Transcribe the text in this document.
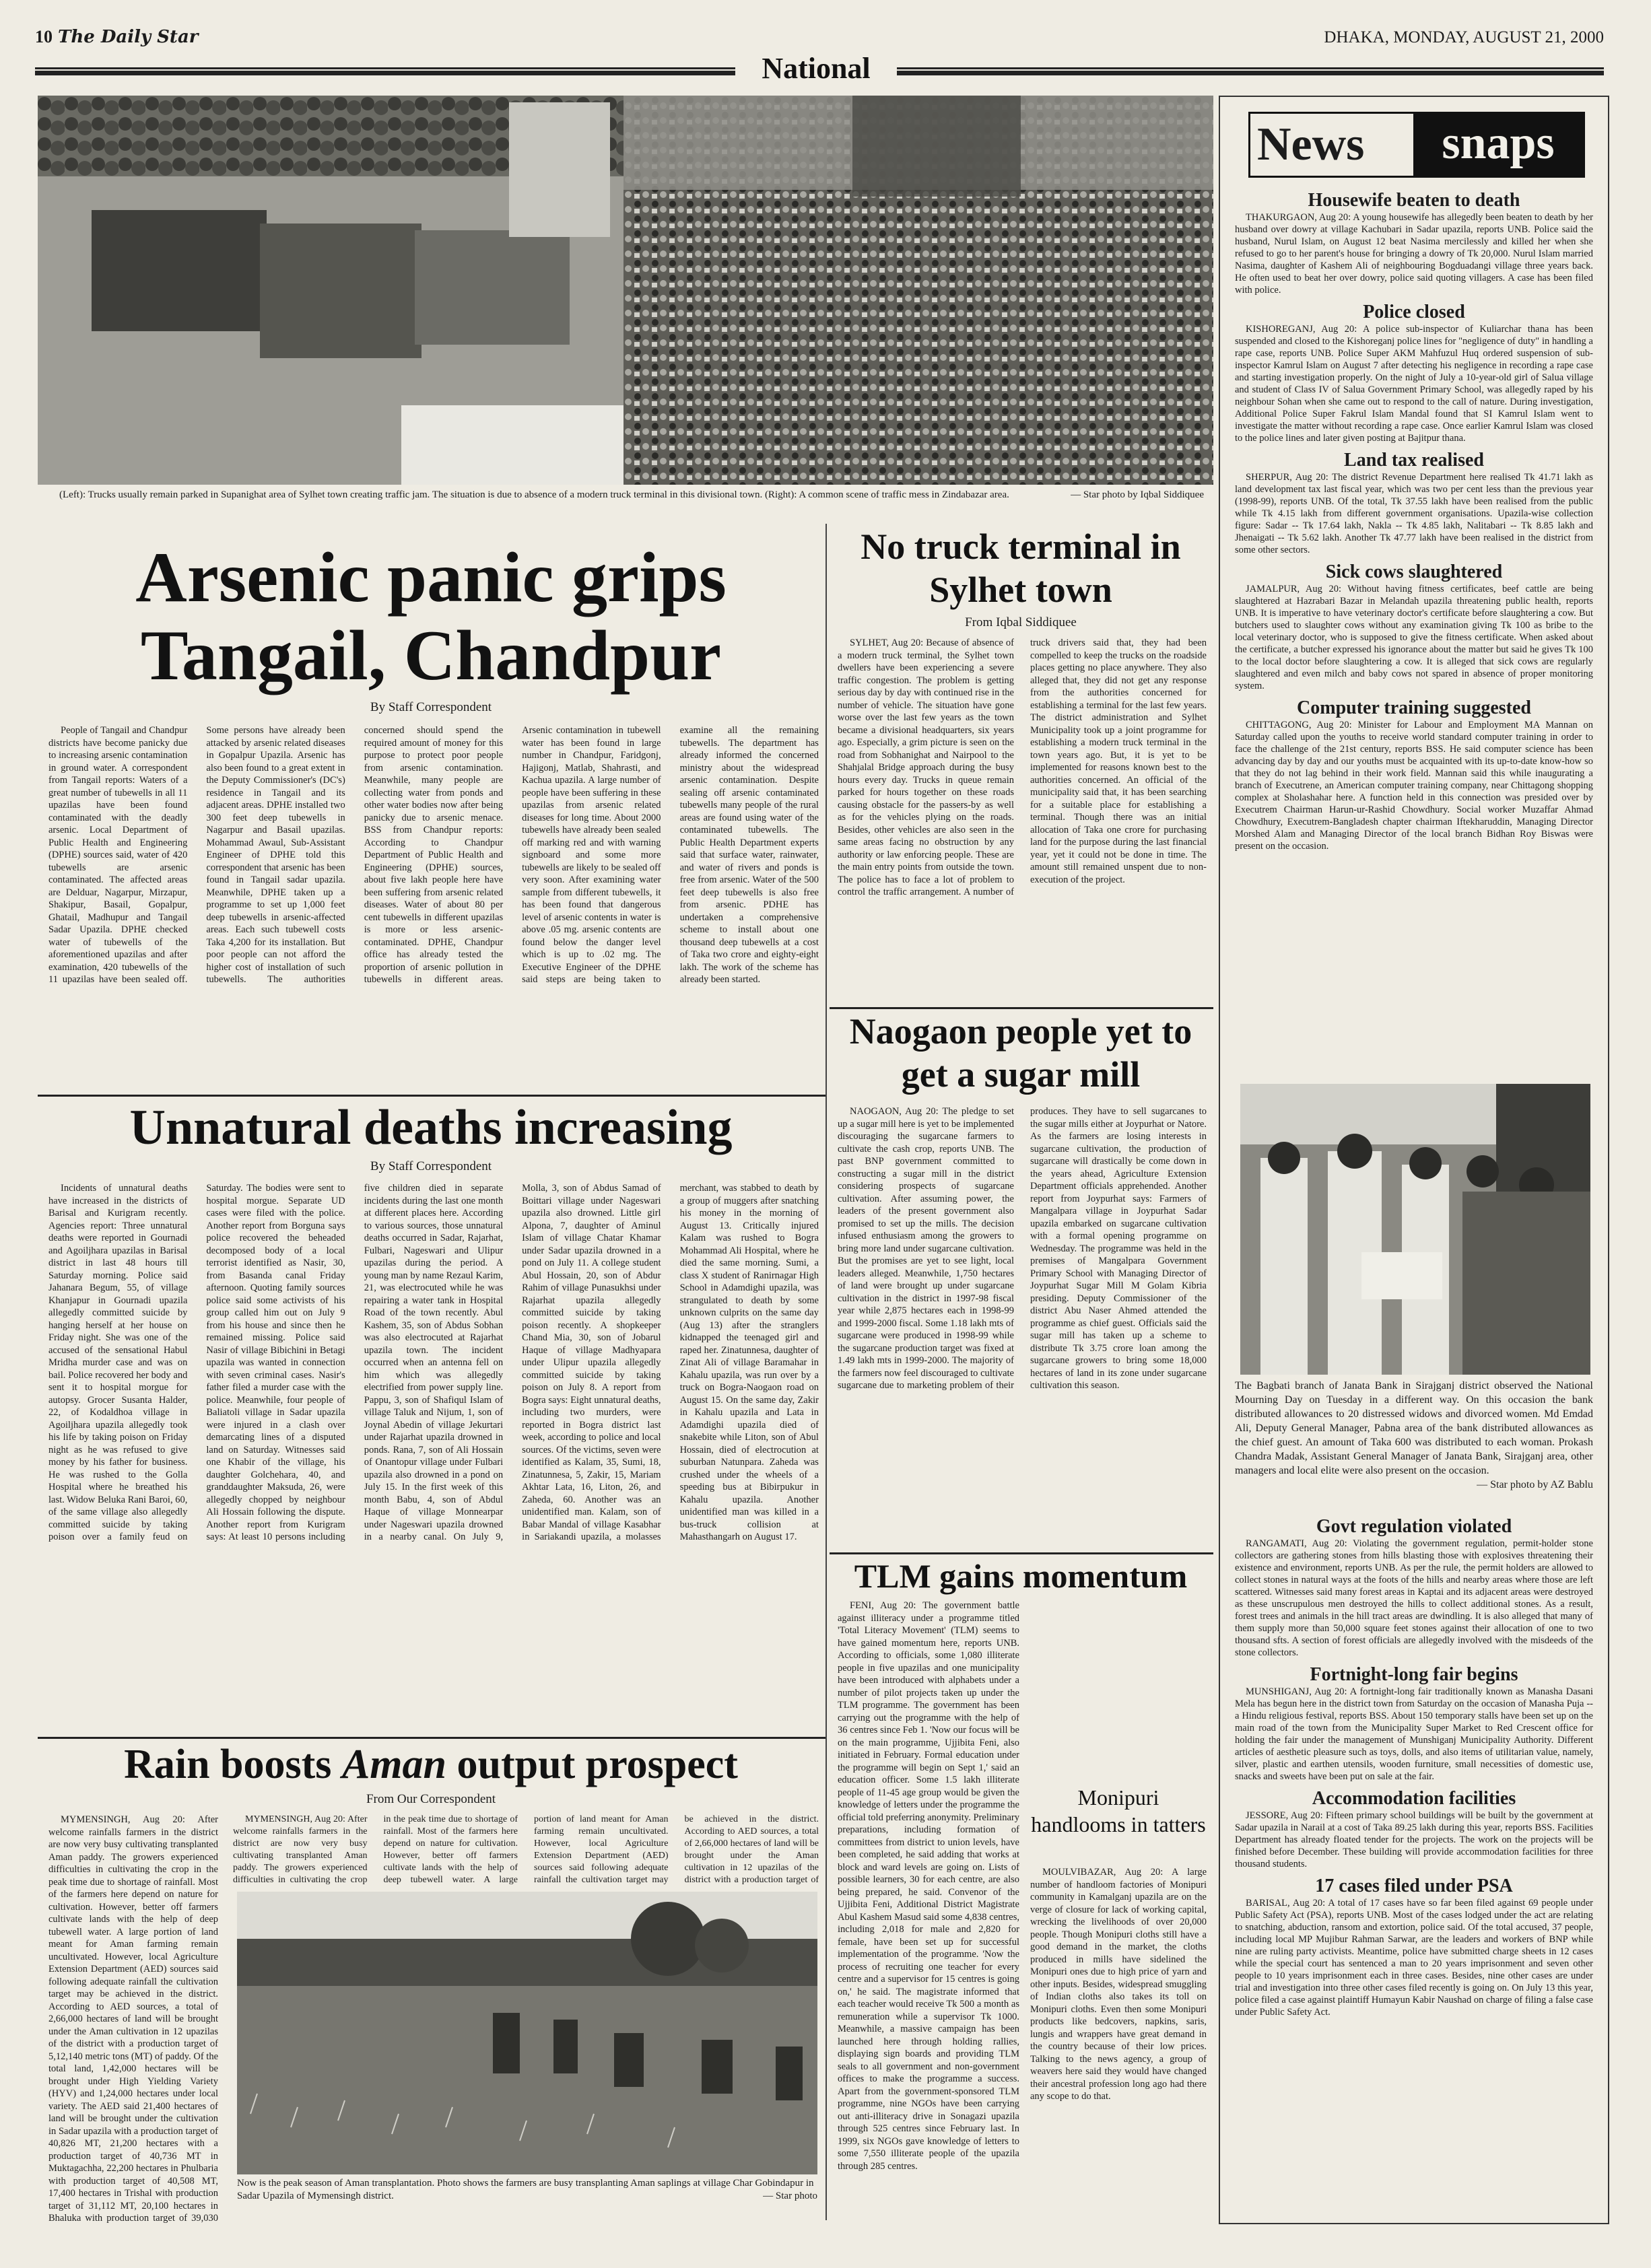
10 The Daily Star	DHAKA, MONDAY, AUGUST 21, 2000
National
(Left): Trucks usually remain parked in Supanighat area of Sylhet town creating traffic jam. The situation is due to absence of a modern truck terminal in this divisional town. (Right): A common scene of traffic mess in Zindabazar area.	— Star photo by Iqbal Siddiquee
Arsenic panic grips Tangail, Chandpur
By Staff Correspondent

People of Tangail and Chandpur districts have become panicky due to increasing arsenic contamination in ground water. A correspondent from Tangail reports: Waters of a great number of tubewells in all 11 upazilas have been found contaminated with the deadly arsenic. Local Department of Public Health and Engineering (DPHE) sources said, water of 420 tubewells are arsenic contaminated. The affected areas are Delduar, Nagarpur, Mirzapur, Shakipur, Basail, Gopalpur, Ghatail, Madhupur and Tangail Sadar Upazila. DPHE checked water of tubewells of the aforementioned upazilas and after examination, 420 tubewells of the 11 upazilas have been sealed off. Some persons have already been attacked by arsenic related diseases in Gopalpur Upazila. Arsenic has also been found to a great extent in the Deputy Commissioner's (DC's) residence in Tangail and its adjacent areas. DPHE installed two 300 feet deep tubewells in Nagarpur and Basail upazilas. Mohammad Awaul, Sub-Assistant Engineer of DPHE told this correspondent that arsenic has been found in Tangail sadar upazila. Meanwhile, DPHE taken up a programme to set up 1,000 feet deep tubewells in arsenic-affected areas. Each such tubewell costs Taka 4,200 for its installation. But poor people can not afford the higher cost of installation of such tubewells. The authorities concerned should spend the required amount of money for this purpose to protect poor people from arsenic contamination. Meanwhile, many people are collecting water from ponds and other water bodies now after being panicky due to arsenic menace. BSS from Chandpur reports: According to Chandpur Department of Public Health and Engineering (DPHE) sources, about five lakh people here have been suffering from arsenic related diseases. Water of about 80 per cent tubewells in different upazilas is more or less arsenic-contaminated. DPHE, Chandpur office has already tested the proportion of arsenic pollution in tubewells in different areas. Arsenic contamination in tubewell water has been found in large number in Chandpur, Faridgonj, Hajigonj, Matlab, Shahrasti, and Kachua upazila. A large number of people have been suffering in these upazilas from arsenic related diseases for long time. About 2000 tubewells have already been sealed off marking red and with warning signboard and some more tubewells are likely to be sealed off very soon. After examining water sample from different tubewells, it has been found that dangerous level of arsenic contents in water is above .05 mg. arsenic contents are found below the danger level which is up to .02 mg. The Executive Engineer of the DPHE said steps are being taken to examine all the remaining tubewells. The department has already informed the concerned ministry about the widespread arsenic contamination. Despite sealing off arsenic contaminated tubewells many people of the rural areas are found using water of the contaminated tubewells. The Public Health Department experts said that surface water, rainwater, and water of rivers and ponds is free from arsenic. Water of the 500 feet deep tubewells is also free from arsenic. PDHE has undertaken a comprehensive scheme to install about one thousand deep tubewells at a cost of Taka two crore and eighty-eight lakh. The work of the scheme has already been started.

No truck terminal in Sylhet town
From Iqbal Siddiquee

SYLHET, Aug 20: Because of absence of a modern truck terminal, the Sylhet town dwellers have been experiencing a severe traffic congestion. The problem is getting serious day by day with continued rise in the number of vehicle. The situation have gone worse over the last few years as the town became a divisional headquarters, six years ago. Especially, a grim picture is seen on the road from Sobhanighat and Nairpool to the Shahjalal Bridge approach during the busy hours every day. Trucks in queue remain parked for hours together on these roads causing obstacle for the passers-by as well as for the vehicles plying on the roads. Besides, other vehicles are also seen in the same areas facing no obstruction by any authority or law enforcing people. These are the main entry points from outside the town. The police has to face a lot of problem to control the traffic arrangement. A number of truck drivers said that, they had been compelled to keep the trucks on the roadside places getting no place anywhere. They also alleged that, they did not get any response from the authorities concerned for establishing a terminal for the last few years. The district administration and Sylhet Municipality took up a joint programme for establishing a modern truck terminal in the town years ago. But, it is yet to be implemented for reasons known best to the authorities concerned. An official of the municipality said that, it has been searching for a suitable place for establishing a terminal. Though there was an initial allocation of Taka one crore for purchasing land for the purpose during the last financial year, yet it could not be done in time. The amount still remained unspent due to non-execution of the project.

Naogaon people yet to get a sugar mill

NAOGAON, Aug 20: The pledge to set up a sugar mill here is yet to be implemented discouraging the sugarcane farmers to cultivate the cash crop, reports UNB. The past BNP government committed to constructing a sugar mill in the district considering prospects of sugarcane cultivation. After assuming power, the leaders of the present government also promised to set up the mills. The decision infused enthusiasm among the growers to bring more land under sugarcane cultivation. But the promises are yet to see light, local leaders alleged. Meanwhile, 1,750 hectares of land were brought up under sugarcane cultivation in the district in 1997-98 fiscal year while 2,875 hectares each in 1998-99 and 1999-2000 fiscal. Some 1.18 lakh mts of sugarcane were produced in 1998-99 while the sugarcane production target was fixed at 1.49 lakh mts in 1999-2000. The majority of the farmers now feel discouraged to cultivate sugarcane due to marketing problem of their produces. They have to sell sugarcanes to the sugar mills either at Joypurhat or Natore. As the farmers are losing interests in sugarcane cultivation, the production of sugarcane will drastically be come down in the years ahead, Agriculture Extension Department officials apprehended. Another report from Joypurhat says: Farmers of Mangalpara village in Joypurhat Sadar upazila embarked on sugarcane cultivation with a formal opening programme on Wednesday. The programme was held in the premises of Mangalpara Government Primary School with Managing Director of Joypurhat Sugar Mill M Golam Kibria presiding. Deputy Commissioner of the district Abu Naser Ahmed attended the programme as chief guest. Officials said the sugar mill has taken up a scheme to distribute Tk 3.75 crore loan among the sugarcane growers to bring some 18,000 hectares of land in its zone under sugarcane cultivation this season.

Unnatural deaths increasing
By Staff Correspondent

Incidents of unnatural deaths have increased in the districts of Barisal and Kurigram recently. Agencies report: Three unnatural deaths were reported in Gournadi and Agoiljhara upazilas in Barisal district in last 48 hours till Saturday morning. Police said Jahanara Begum, 55, of village Khanjapur in Gournadi upazila allegedly committed suicide by hanging herself at her house on Friday night. She was one of the accused of the sensational Habul Mridha murder case and was on bail. Police recovered her body and sent it to hospital morgue for autopsy. Grocer Susanta Halder, 22, of Kodaldhoa village in Agoiljhara upazila allegedly took his life by taking poison on Friday night as he was refused to give money by his father for business. He was rushed to the Golla Hospital where he breathed his last. Widow Beluka Rani Baroi, 60, of the same village also allegedly committed suicide by taking poison over a family feud on Saturday. The bodies were sent to hospital morgue. Separate UD cases were filed with the police. Another report from Borguna says police recovered the beheaded decomposed body of a local terrorist identified as Nasir, 30, from Basanda canal Friday afternoon. Quoting family sources police said some activists of his group called him out on July 9 from his house and since then he remained missing. Police said Nasir of village Bibichini in Betagi upazila was wanted in connection with seven criminal cases. Nasir's father filed a murder case with the police. Meanwhile, four people of Baliatoli village in Sadar upazila were injured in a clash over demarcating lines of a disputed land on Saturday. Witnesses said one Khabir of the village, his daughter Golchehara, 40, and granddaughter Maksuda, 26, were allegedly chopped by neighbour Ali Hossain following the dispute. Another report from Kurigram says: At least 10 persons including five children died in separate incidents during the last one month at different places here. According to various sources, those unnatural deaths occurred in Sadar, Rajarhat, Fulbari, Nageswari and Ulipur upazilas during the period. A young man by name Rezaul Karim, 21, was electrocuted while he was repairing a water tank in Hospital Road of the town recently. Abul Kashem, 35, son of Abdus Sobhan was also electrocuted at Rajarhat upazila town. The incident occurred when an antenna fell on him which was allegedly electrified from power supply line. Pappu, 3, son of Shafiqul Islam of village Taluk and Nijum, 1, son of Joynal Abedin of village Jekurtari under Rajarhat upazila drowned in ponds. Rana, 7, son of Ali Hossain of Onantopur village under Fulbari upazila also drowned in a pond on July 15. In the first week of this month Babu, 4, son of Abdul Haque of village Monnearpar under Nageswari upazila drowned in a nearby canal. On July 9, Molla, 3, son of Abdus Samad of Boittari village under Nageswari upazila also drowned. Little girl Alpona, 7, daughter of Aminul Islam of village Chatar Khamar under Sadar upazila drowned in a pond on July 11. A college student Abul Hossain, 20, son of Abdur Rahim of village Punasukhsi under Rajarhat upazila allegedly committed suicide by taking poison recently. A shopkeeper Chand Mia, 30, son of Jobarul Haque of village Madhyapara under Ulipur upazila allegedly committed suicide by taking poison on July 8. A report from Bogra says: Eight unnatural deaths, including two murders, were reported in Bogra district last week, according to police and local sources. Of the victims, seven were identified as Kalam, 35, Sumi, 18, Zinatunnesa, 5, Zakir, 15, Mariam Akhtar Lata, 16, Liton, 26, and Zaheda, 60. Another was an unidentified man. Kalam, son of Babar Mandal of village Kasabhar in Sariakandi upazila, a molasses merchant, was stabbed to death by a group of muggers after snatching his money in the morning of August 13. Critically injured Kalam was rushed to Bogra Mohammad Ali Hospital, where he died the same morning. Sumi, a class X student of Ranirnagar High School in Adamdighi upazila, was strangulated to death by some unknown culprits on the same day (Aug 13) after the stranglers kidnapped the teenaged girl and raped her. Zinatunnesa, daughter of Zinat Ali of village Baramahar in Kahalu upazila, was run over by a truck on Bogra-Naogaon road on August 15. On the same day, Zakir in Kahalu upazila and Lata in Adamdighi upazila died of snakebite while Liton, son of Abul Hossain, died of electrocution at suburban Natunpara. Zaheda was crushed under the wheels of a speeding bus at Bibirpukur in Kahalu upazila. Another unidentified man was killed in a bus-truck collision at Mahasthangarh on August 17.

Rain boosts Aman output prospect
From Our Correspondent

MYMENSINGH, Aug 20: After welcome rainfalls farmers in the district are now very busy cultivating transplanted Aman paddy. The growers experienced difficulties in cultivating the crop in the peak time due to shortage of rainfall. Most of the farmers here depend on nature for cultivation. However, better off farmers cultivate lands with the help of deep tubewell water. A large portion of land meant for Aman farming remain uncultivated. However, local Agriculture Extension Department (AED) sources said following adequate rainfall the cultivation target may be achieved in the district. According to AED sources, a total of 2,66,000 hectares of land will be brought under the Aman cultivation in 12 upazilas of the district with a production target of 5,12,140 metric tons (MT) of paddy. Of the total land, 1,42,000 hectares will be brought under High Yielding Variety (HYV) and 1,24,000 hectares under local variety. The AED said 21,400 hectares of land will be brought under the cultivation in Sadar upazila with a production target of 40,826 MT, 21,200 hectares with a production target of 40,736 MT in Muktagachha, 22,200 hectares in Phulbaria with production target of 40,508 MT, 17,400 hectares in Trishal with production target of 31,112 MT, 20,100 hectares in Bhaluka with production target of 39,030

MYMENSINGH, Aug 20: After welcome rainfalls farmers in the district are now very busy cultivating transplanted Aman paddy. The growers experienced difficulties in cultivating the crop in the peak time due to shortage of rainfall. Most of the farmers here depend on nature for cultivation. However, better off farmers cultivate lands with the help of deep tubewell water. A large portion of land meant for Aman farming remain uncultivated. However, local Agriculture Extension Department (AED) sources said following adequate rainfall the cultivation target may be achieved in the district. According to AED sources, a total of 2,66,000 hectares of land will be brought under the Aman cultivation in 12 upazilas of the district with a production target of

Now is the peak season of Aman transplantation. Photo shows the farmers are busy transplanting Aman saplings at village Char Gobindapur in Sadar Upazila of Mymensingh district.	— Star photo
TLM gains momentum

FENI, Aug 20: The government battle against illiteracy under a programme titled 'Total Literacy Movement' (TLM) seems to have gained momentum here, reports UNB. According to officials, some 1,080 illiterate people in five upazilas and one municipality have been introduced with alphabets under a number of pilot projects taken up under the TLM programme. The government has been carrying out the programme with the help of 36 centres since Feb 1. 'Now our focus will be on the main programme, Ujjibita Feni, also initiated in February. Formal education under the programme will begin on Sept 1,' said an education officer. Some 1.5 lakh illiterate people of 11-45 age group would be given the knowledge of letters under the programme the official told preferring anonymity. Preliminary preparations, including formation of committees from district to union levels, have been completed, he said adding that works at block and ward levels are going on. Lists of possible learners, 30 for each centre, are also being prepared, he said. Convenor of the Ujjibita Feni, Additional District Magistrate Abul Kashem Masud said some 4,838 centres, including 2,018 for male and 2,820 for female, have been set up for successful implementation of the programme. 'Now the process of recruiting one teacher for every centre and a supervisor for 15 centres is going on,' he said. The magistrate informed that each teacher would receive Tk 500 a month as remuneration while a supervisor Tk 1000. Meanwhile, a massive campaign has been launched here through holding rallies, displaying sign boards and providing TLM seals to all government and non-government offices to make the programme a success. Apart from the government-sponsored TLM programme, nine NGOs have been carrying out anti-illiteracy drive in Sonagazi upazila through 525 centres since February last. In 1999, six NGOs gave knowledge of letters to some 7,550 illiterate people of the upazila through 285 centres.

Monipuri handlooms in tatters

MOULVIBAZAR, Aug 20: A large number of handloom factories of Monipuri community in Kamalganj upazila are on the verge of closure for lack of working capital, wrecking the livelihoods of over 20,000 people. Though Monipuri cloths still have a good demand in the market, the cloths produced in mills have sidelined the Monipuri ones due to high price of yarn and other inputs. Besides, widespread smuggling of Indian cloths also takes its toll on Monipuri cloths. Even then some Monipuri products like bedcovers, napkins, saris, lungis and wrappers have great demand in the country because of their low prices. Talking to the news agency, a group of weavers here said they would have changed their ancestral profession long ago had there any scope to do that.

News	snaps
Housewife beaten to death

THAKURGAON, Aug 20: A young housewife has allegedly been beaten to death by her husband over dowry at village Kachubari in Sadar upazila, reports UNB. Police said the husband, Nurul Islam, on August 12 beat Nasima mercilessly and killed her when she refused to go to her parent's house for bringing a dowry of Tk 20,000. Nurul Islam married Nasima, daughter of Kashem Ali of neighbouring Bogduadangi village three years back. He often used to beat her over dowry, police said quoting villagers. A case has been filed with police.

Police closed

KISHOREGANJ, Aug 20: A police sub-inspector of Kuliarchar thana has been suspended and closed to the Kishoreganj police lines for "negligence of duty" in handling a rape case, reports UNB. Police Super AKM Mahfuzul Huq ordered suspension of sub-inspector Kamrul Islam on August 7 after detecting his negligence in recording a rape case and starting investigation properly. On the night of July a 10-year-old girl of Salua village and student of Class IV of Salua Government Primary School, was allegedly raped by his neighbour Sohan when she came out to respond to the call of nature. During investigation, Additional Police Super Fakrul Islam Mandal found that SI Kamrul Islam went to investigate the matter without recording a rape case. Once earlier Kamrul Islam was closed to the police lines and later given posting at Bajitpur thana.

Land tax realised

SHERPUR, Aug 20: The district Revenue Department here realised Tk 41.71 lakh as land development tax last fiscal year, which was two per cent less than the previous year (1998-99), reports UNB. Of the total, Tk 37.55 lakh have been realised from the public while Tk 4.15 lakh from different government organisations. Upazila-wise collection figure: Sadar -- Tk 17.64 lakh, Nakla -- Tk 4.85 lakh, Nalitabari -- Tk 8.85 lakh and Jhenaigati -- Tk 5.62 lakh. Another Tk 47.77 lakh have been realised in the district from some other sectors.

Sick cows slaughtered

JAMALPUR, Aug 20: Without having fitness certificates, beef cattle are being slaughtered at Hazrabari Bazar in Melandah upazila threatening public health, reports UNB. It is imperative to have veterinary doctor's certificate before slaughtering a cow. But butchers used to slaughter cows without any examination giving Tk 100 as bribe to the local veterinary doctor, who is supposed to give the fitness certificate. When asked about the certificate, a butcher expressed his ignorance about the matter but said he gives Tk 100 to the local doctor before slaughtering a cow. It is alleged that sick cows are regularly slaughtered and even milch and baby cows not spared in absence of proper monitoring system.

Computer training suggested

CHITTAGONG, Aug 20: Minister for Labour and Employment MA Mannan on Saturday called upon the youths to receive world standard computer training in order to face the challenge of the 21st century, reports BSS. He said computer science has been advancing day by day and our youths must be acquainted with its up-to-date know-how so that they do not lag behind in their work field. Mannan said this while inaugurating a branch of Executrene, an American computer training company, near Chittagong shopping complex at Sholashahar here. A function held in this connection was presided over by Executrem Chairman Harun-ur-Rashid Chowdhury. Social worker Muzaffar Ahmad Chowdhury, Executrem-Bangladesh chapter chairman Iftekharuddin, Managing Director Morshed Alam and Managing Director of the local branch Bidhan Roy Biswas were present on the occasion.

The Bagbati branch of Janata Bank in Sirajganj district observed the National Mourning Day on Tuesday in a different way. On this occasion the bank distributed allowances to 20 distressed widows and divorced women. Md Emdad Ali, Deputy General Manager, Pabna area of the bank distributed allowances as the chief guest. An amount of Taka 600 was distributed to each woman. Prokash Chandra Madak, Assistant General Manager of Janata Bank, Sirajganj area, other managers and local elite were also present on the occasion.
— Star photo by AZ Bablu
Govt regulation violated

RANGAMATI, Aug 20: Violating the government regulation, permit-holder stone collectors are gathering stones from hills blasting those with explosives threatening their existence and environment, reports UNB. As per the rule, the permit holders are allowed to collect stones in natural ways at the foots of the hills and nearby areas where those are left scattered. Witnesses said many forest areas in Kaptai and its adjacent areas were destroyed as these unscrupulous men destroyed the hills to collect additional stones. As a result, forest trees and animals in the hill tract areas are dwindling. It is also alleged that many of them supply more than 50,000 square feet stones against their allocation of one to two thousand sfts. A section of forest officials are allegedly involved with the misdeeds of the stone collectors.

Fortnight-long fair begins

MUNSHIGANJ, Aug 20: A fortnight-long fair traditionally known as Manasha Dasani Mela has begun here in the district town from Saturday on the occasion of Manasha Puja -- a Hindu religious festival, reports BSS. About 150 temporary stalls have been set up on the main road of the town from the Municipality Super Market to Red Crescent office for holding the fair under the management of Munshiganj Municipality Authority. Different articles of aesthetic pleasure such as toys, dolls, and also items of utilitarian value, namely, silver, plastic and earthen utensils, wooden furniture, small necessities of domestic use, snacks and sweets have been put on sale at the fair.

Accommodation facilities

JESSORE, Aug 20: Fifteen primary school buildings will be built by the government at Sadar upazila in Narail at a cost of Taka 89.25 lakh during this year, reports BSS. Facilities Department has already floated tender for the projects. The work on the projects will be finished before December. These building will provide accommodation facilities for three thousand students.

17 cases filed under PSA

BARISAL, Aug 20: A total of 17 cases have so far been filed against 69 people under Public Safety Act (PSA), reports UNB. Most of the cases lodged under the act are relating to snatching, abduction, ransom and extortion, police said. Of the total accused, 37 people, including local MP Mujibur Rahman Sarwar, are the leaders and workers of BNP while nine are ruling party activists. Meantime, police have submitted charge sheets in 12 cases while the special court has sentenced a man to 20 years imprisonment and seven other people to 10 years imprisonment each in three cases. Besides, nine other cases are under trial and investigation into three other cases filed recently is going on. On July 13 this year, police filed a case against plaintiff Humayun Kabir Naushad on charge of filing a false case under Public Safety Act.
